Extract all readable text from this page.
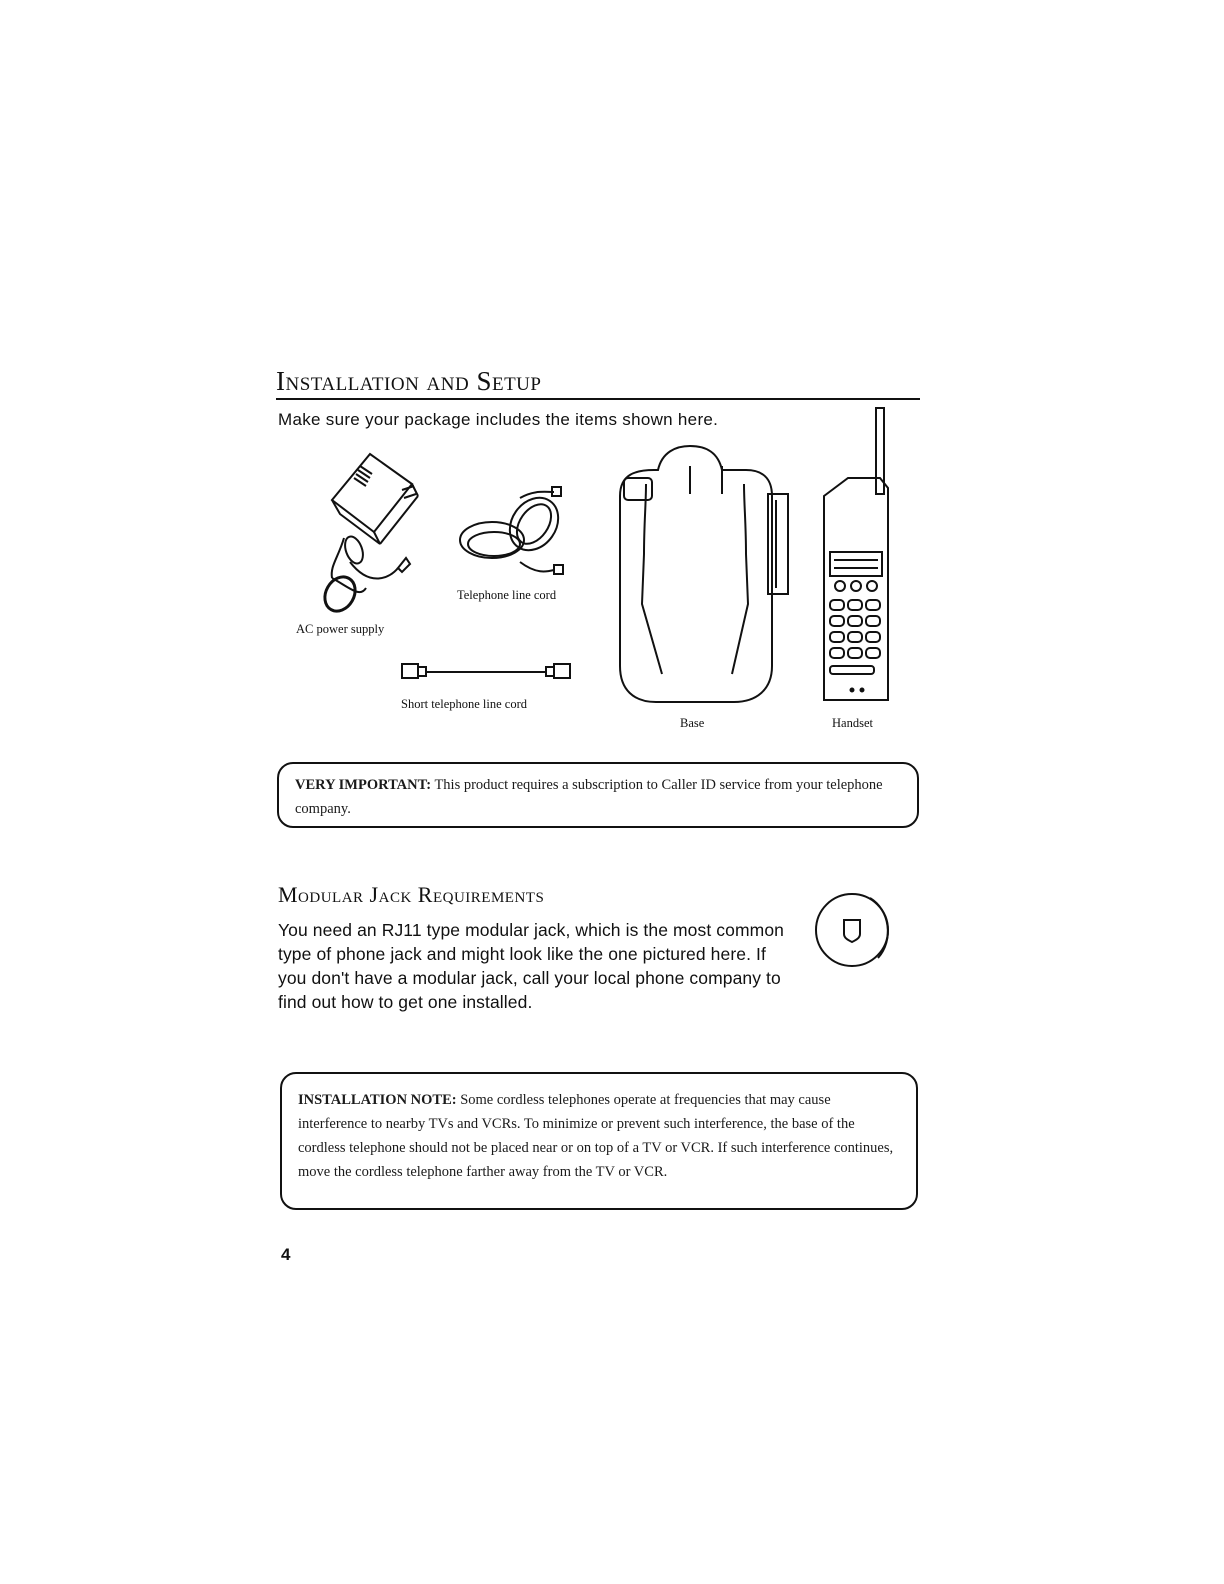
Installation and Setup
Make sure your package includes the items shown here.
AC power supply
Telephone line cord
Short telephone line cord
Base	Handset
VERY IMPORTANT: This product requires a subscription to Caller ID service from your telephone company.
Modular Jack Requirements
You need an RJ11 type modular jack, which is the most common type of phone jack and might look like the one pictured here. If you don't have a modular jack, call your local phone company to find out how to get one installed.
INSTALLATION NOTE: Some cordless telephones operate at frequencies that may cause interference to nearby TVs and VCRs. To minimize or prevent such interference, the base of the cordless telephone should not be placed near or on top of a TV or VCR. If such interference continues, move the cordless telephone farther away from the TV or VCR.
4
